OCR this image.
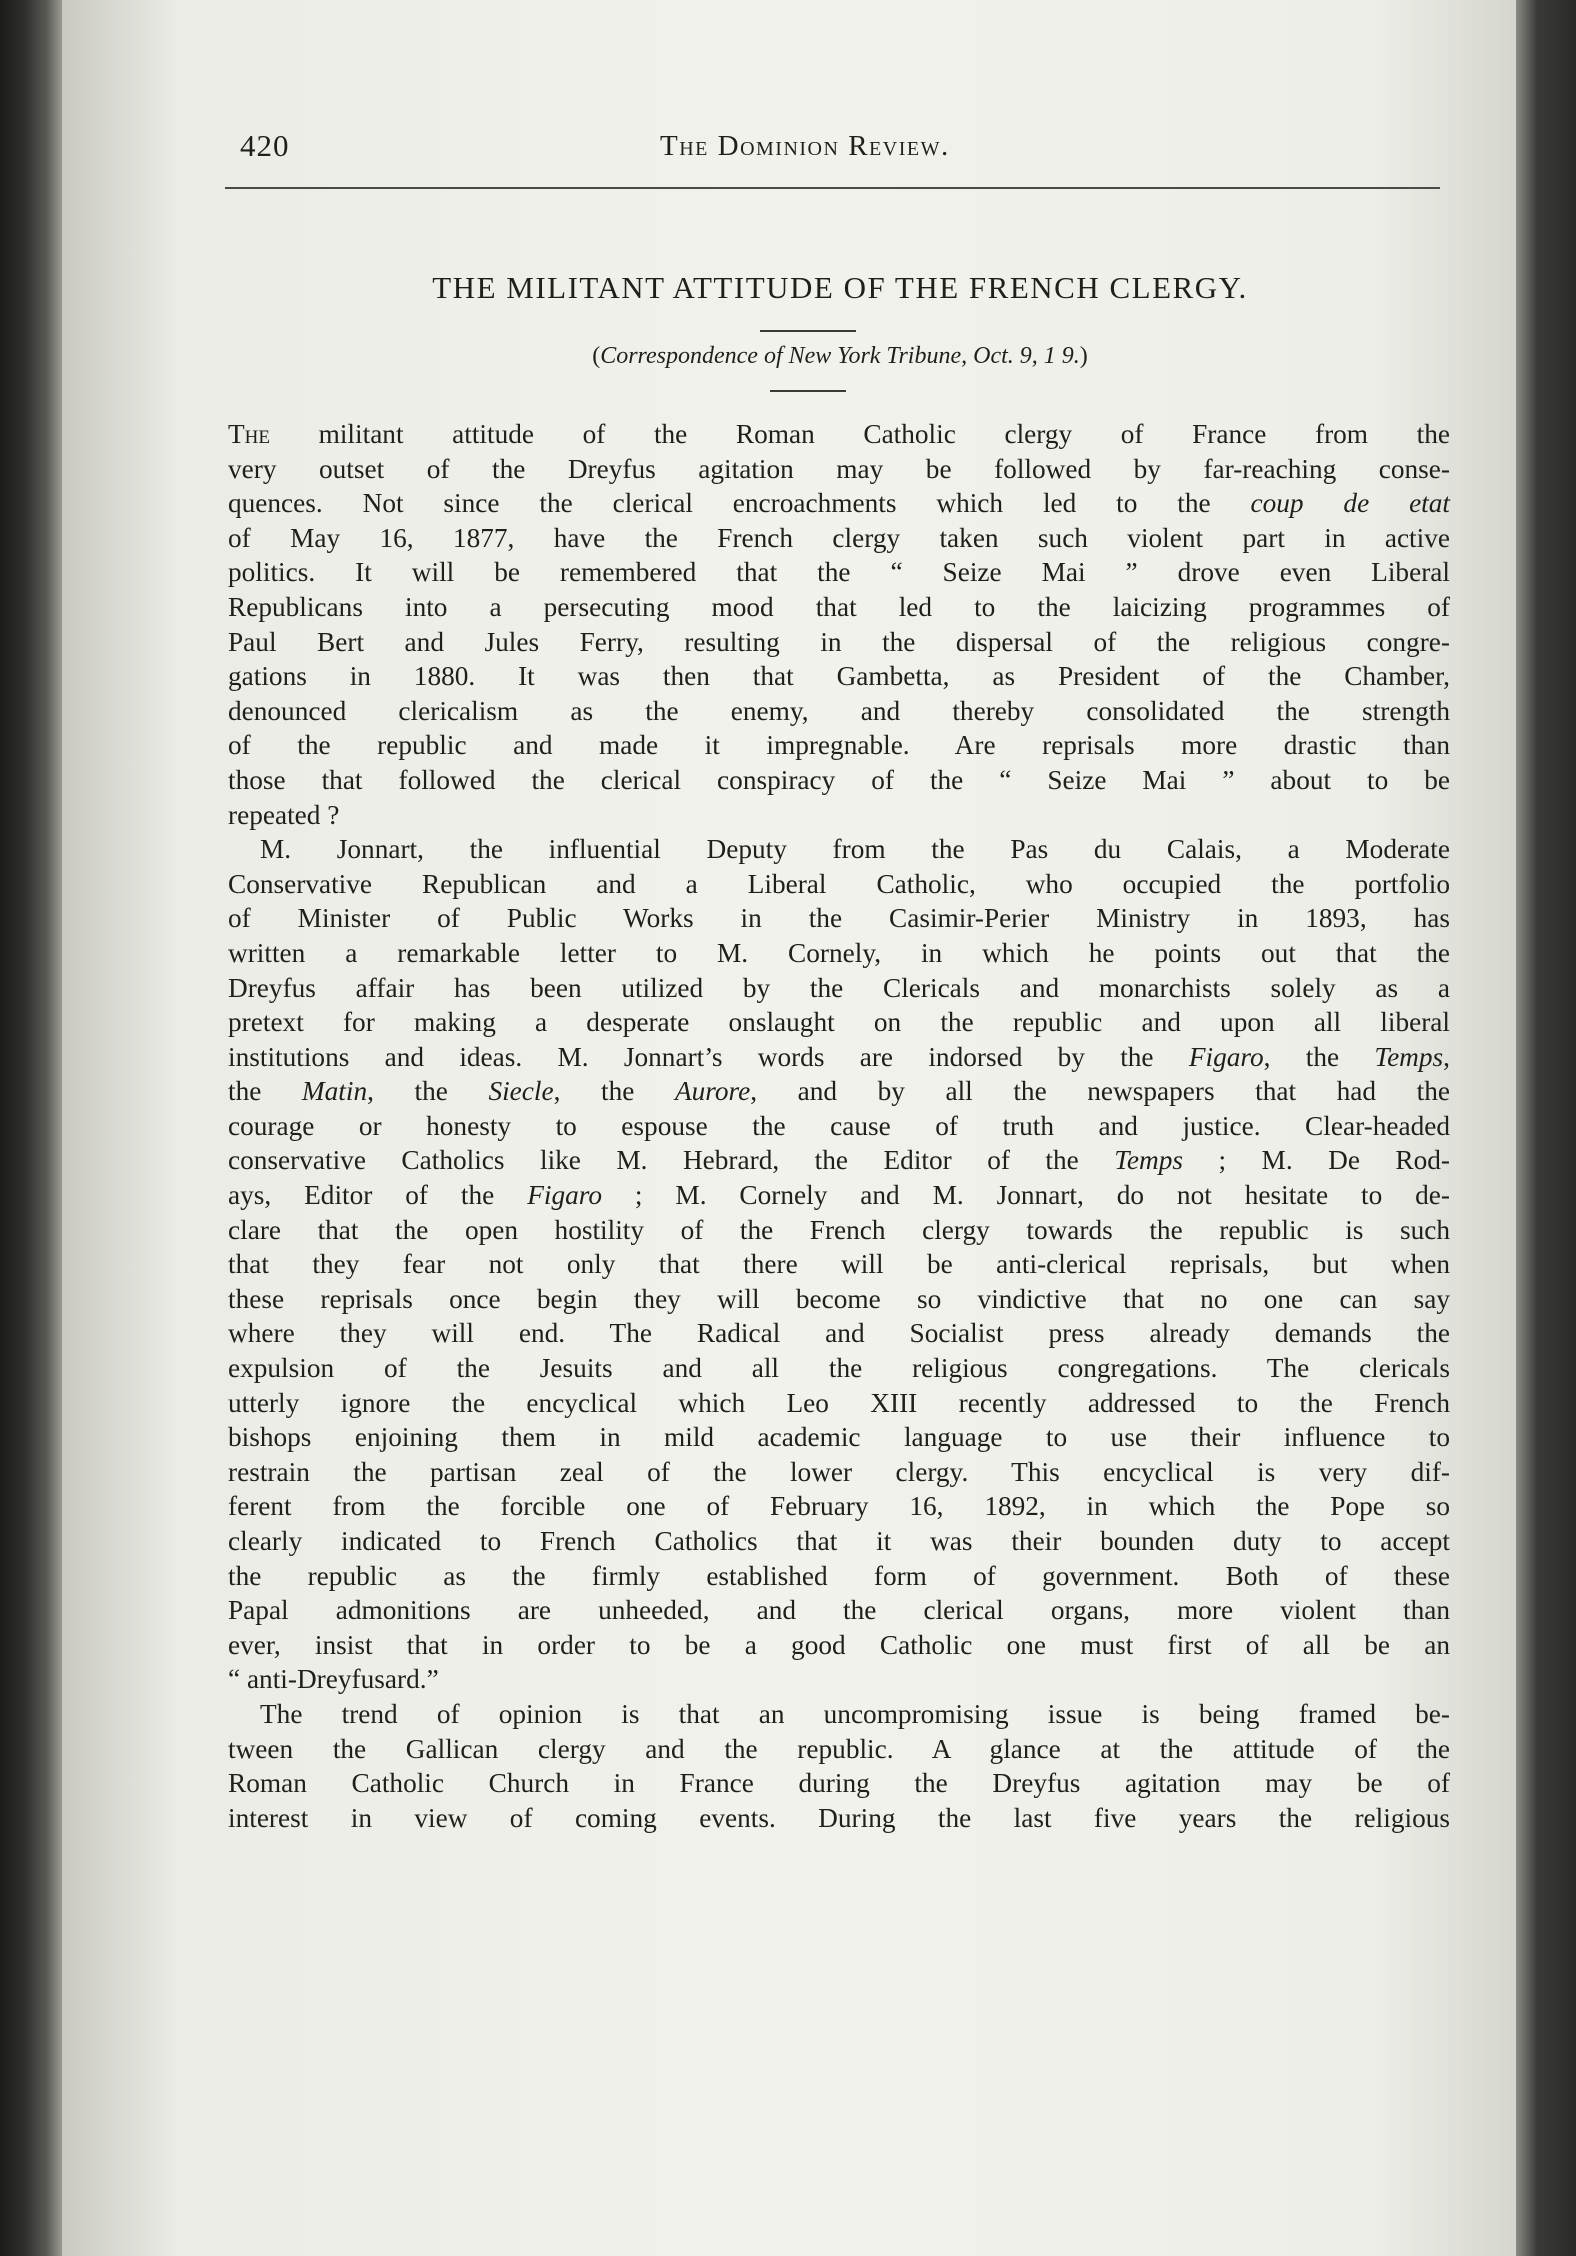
420	The Dominion Review.
THE MILITANT ATTITUDE OF THE FRENCH CLERGY.
(Correspondence of New York Tribune, Oct. 9, 1 9.)
The militant attitude of the Roman Catholic clergy of France from the
very outset of the Dreyfus agitation may be followed by far-reaching conse-
quences. Not since the clerical encroachments which led to the coup de etat
of May 16, 1877, have the French clergy taken such violent part in active
politics. It will be remembered that the “ Seize Mai ” drove even Liberal
Republicans into a persecuting mood that led to the laicizing programmes of
Paul Bert and Jules Ferry, resulting in the dispersal of the religious congre-
gations in 1880. It was then that Gambetta, as President of the Chamber,
denounced clericalism as the enemy, and thereby consolidated the strength
of the republic and made it impregnable. Are reprisals more drastic than
those that followed the clerical conspiracy of the “ Seize Mai ” about to be
repeated ?
M. Jonnart, the influential Deputy from the Pas du Calais, a Moderate
Conservative Republican and a Liberal Catholic, who occupied the portfolio
of Minister of Public Works in the Casimir-Perier Ministry in 1893, has
written a remarkable letter to M. Cornely, in which he points out that the
Dreyfus affair has been utilized by the Clericals and monarchists solely as a
pretext for making a desperate onslaught on the republic and upon all liberal
institutions and ideas. M. Jonnart’s words are indorsed by the Figaro, the Temps,
the Matin, the Siecle, the Aurore, and by all the newspapers that had the
courage or honesty to espouse the cause of truth and justice. Clear-headed
conservative Catholics like M. Hebrard, the Editor of the Temps ; M. De Rod-
ays, Editor of the Figaro ; M. Cornely and M. Jonnart, do not hesitate to de-
clare that the open hostility of the French clergy towards the republic is such
that they fear not only that there will be anti-clerical reprisals, but when
these reprisals once begin they will become so vindictive that no one can say
where they will end. The Radical and Socialist press already demands the
expulsion of the Jesuits and all the religious congregations. The clericals
utterly ignore the encyclical which Leo XIII recently addressed to the French
bishops enjoining them in mild academic language to use their influence to
restrain the partisan zeal of the lower clergy. This encyclical is very dif-
ferent from the forcible one of February 16, 1892, in which the Pope so
clearly indicated to French Catholics that it was their bounden duty to accept
the republic as the firmly established form of government. Both of these
Papal admonitions are unheeded, and the clerical organs, more violent than
ever, insist that in order to be a good Catholic one must first of all be an
“ anti-Dreyfusard.”
The trend of opinion is that an uncompromising issue is being framed be-
tween the Gallican clergy and the republic. A glance at the attitude of the
Roman Catholic Church in France during the Dreyfus agitation may be of
interest in view of coming events. During the last five years the religious
